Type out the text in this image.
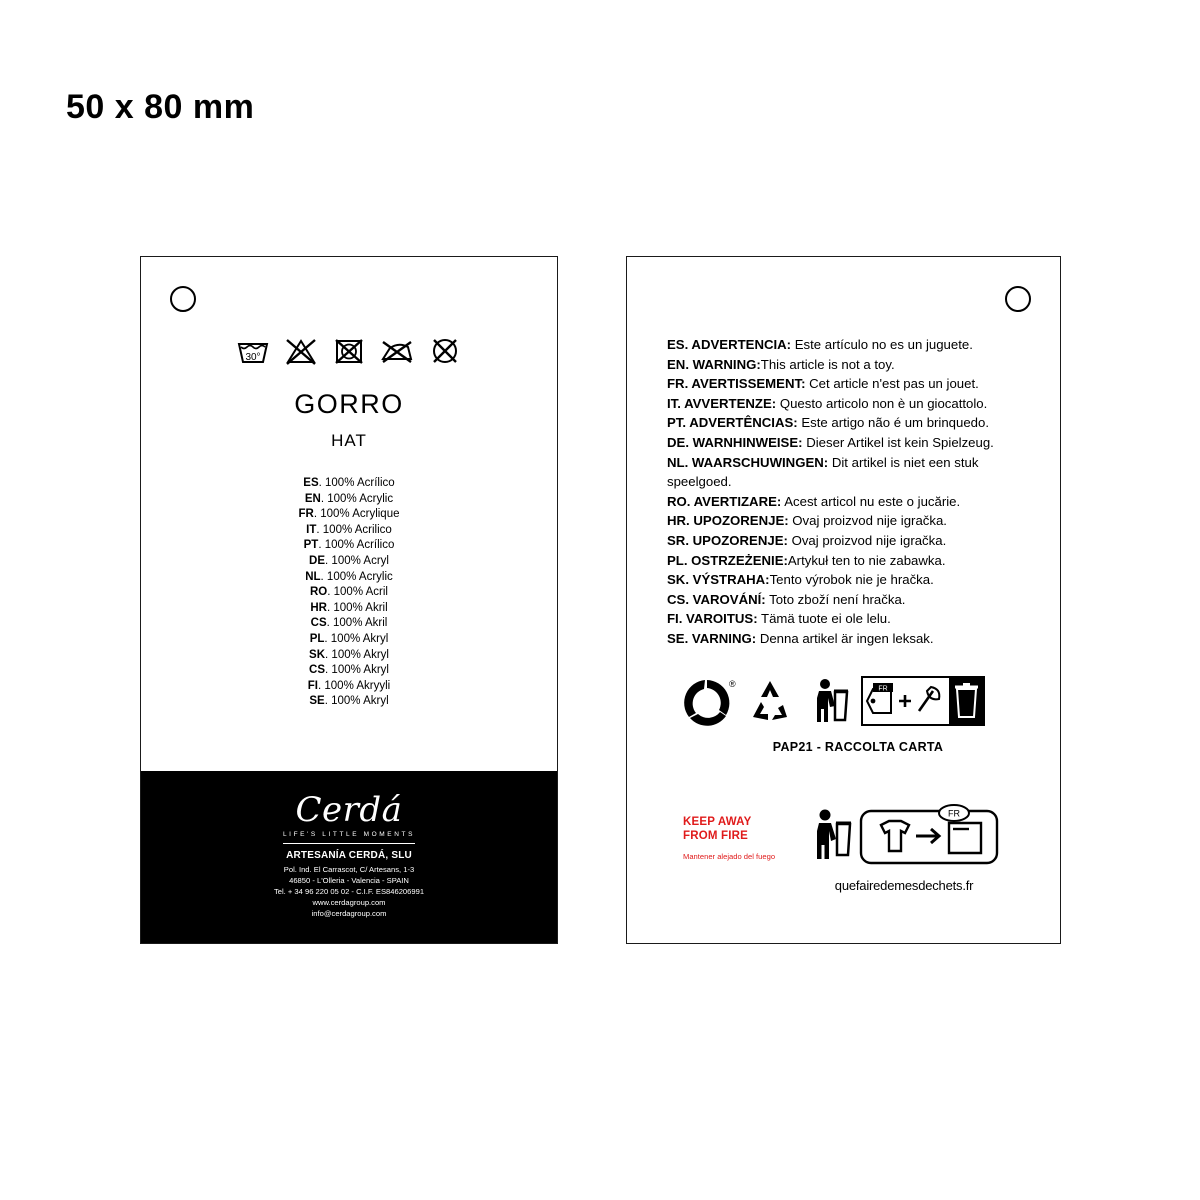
50 x 80 mm
30°
GORRO
HAT
ES. 100% Acrílico
EN. 100% Acrylic
FR. 100% Acrylique
IT. 100% Acrilico
PT. 100% Acrílico
DE. 100% Acryl
NL. 100% Acrylic
RO. 100% Acril
HR. 100% Akril
CS. 100% Akril
PL. 100% Akryl
SK. 100% Akryl
CS. 100% Akryl
FI. 100% Akryyli
SE. 100% Akryl
Cerdá
LIFE'S LITTLE MOMENTS
ARTESANÍA CERDÁ, SLU
Pol. Ind. El Carrascot, C/ Artesans, 1-3
46850 - L'Olleria - Valencia - SPAIN
Tel. + 34 96 220 05 02 - C.I.F. ES846206991
www.cerdagroup.com
info@cerdagroup.com
ES. ADVERTENCIA: Este artículo no es un juguete.
EN. WARNING:This article is not a toy.
FR. AVERTISSEMENT: Cet article n'est pas un jouet.
IT. AVVERTENZE: Questo articolo non è un giocattolo.
PT. ADVERTÊNCIAS: Este artigo não é um brinquedo.
DE. WARNHINWEISE: Dieser Artikel ist kein Spielzeug.
NL. WAARSCHUWINGEN: Dit artikel is niet een stuk speelgoed.
RO. AVERTIZARE: Acest articol nu este o jucărie.
HR. UPOZORENJE: Ovaj proizvod nije igračka.
SR. UPOZORENJE: Ovaj proizvod nije igračka.
PL. OSTRZEŻENIE:Artykuł ten to nie zabawka.
SK. VÝSTRAHA:Tento výrobok nie je hračka.
CS. VAROVÁNÍ: Toto zboží není hračka.
FI. VAROITUS: Tämä tuote ei ole lelu.
SE. VARNING: Denna artikel är ingen leksak.
®	FR
PAP21 - RACCOLTA CARTA
KEEP AWAY
FROM FIRE
Mantener alejado del fuego
FR
quefairedemesdechets.fr
